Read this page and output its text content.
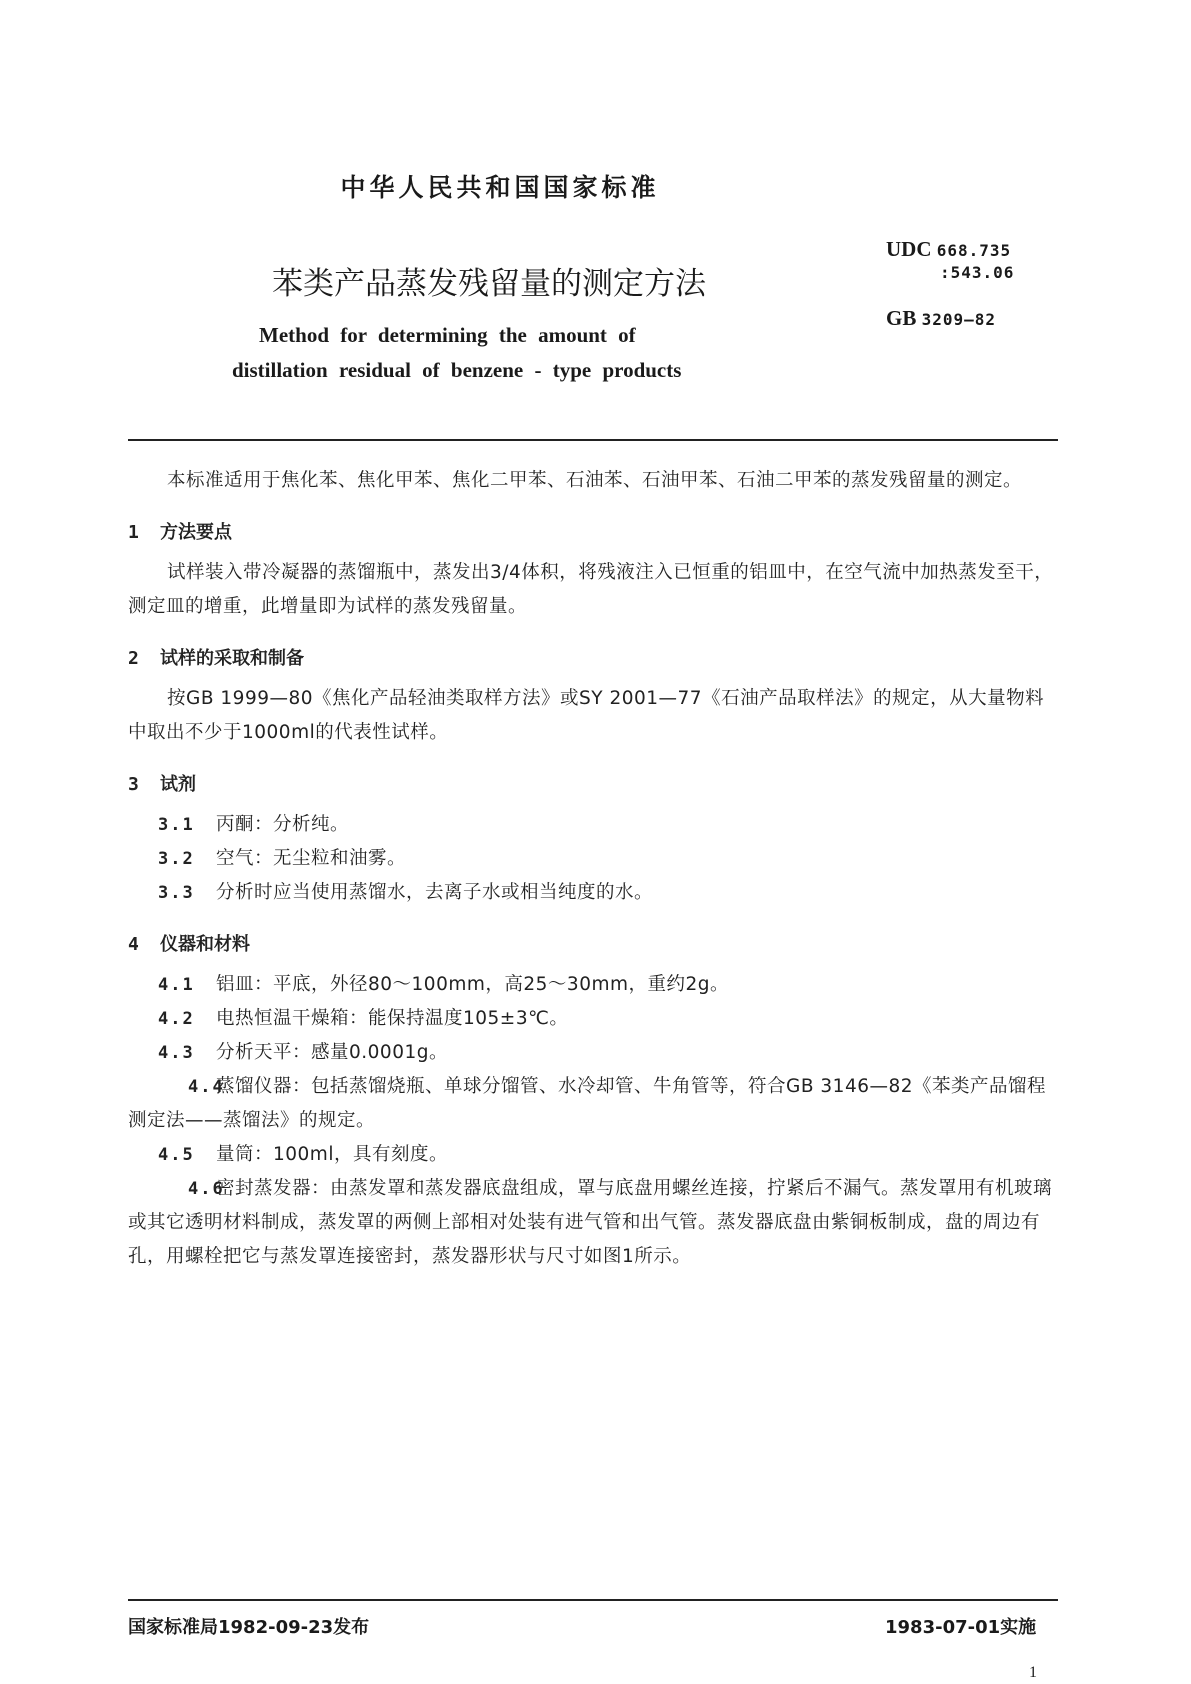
中华人民共和国国家标准
苯类产品蒸发残留量的测定方法
Method for determining the amount of
distillation residual of benzene - type products
UDC 668.735
:543.06
GB 3209—82

本标准适用于焦化苯、焦化甲苯、焦化二甲苯、石油苯、石油甲苯、石油二甲苯的蒸发残留量的测定。

1 方法要点

试样装入带冷凝器的蒸馏瓶中，蒸发出3/4体积，将残液注入已恒重的铝皿中，在空气流中加热蒸发至干，测定皿的增重，此增量即为试样的蒸发残留量。

2 试样的采取和制备

按GB 1999—80《焦化产品轻油类取样方法》或SY 2001—77《石油产品取样法》的规定，从大量物料中取出不少于1000ml的代表性试样。

3 试剂

3.1 丙酮：分析纯。

3.2 空气：无尘粒和油雾。

3.3 分析时应当使用蒸馏水，去离子水或相当纯度的水。

4 仪器和材料

4.1 铝皿：平底，外径80～100mm，高25～30mm，重约2g。

4.2 电热恒温干燥箱：能保持温度105±3℃。

4.3 分析天平：感量0.0001g。

4.4蒸馏仪器：包括蒸馏烧瓶、单球分馏管、水冷却管、牛角管等，符合GB 3146—82《苯类产品馏程测定法——蒸馏法》的规定。

4.5 量筒：100ml，具有刻度。

4.6密封蒸发器：由蒸发罩和蒸发器底盘组成，罩与底盘用螺丝连接，拧紧后不漏气。蒸发罩用有机玻璃或其它透明材料制成，蒸发罩的两侧上部相对处装有进气管和出气管。蒸发器底盘由紫铜板制成，盘的周边有孔，用螺栓把它与蒸发罩连接密封，蒸发器形状与尺寸如图1所示。

国家标准局1982-09-23发布	1983-07-01实施
1
